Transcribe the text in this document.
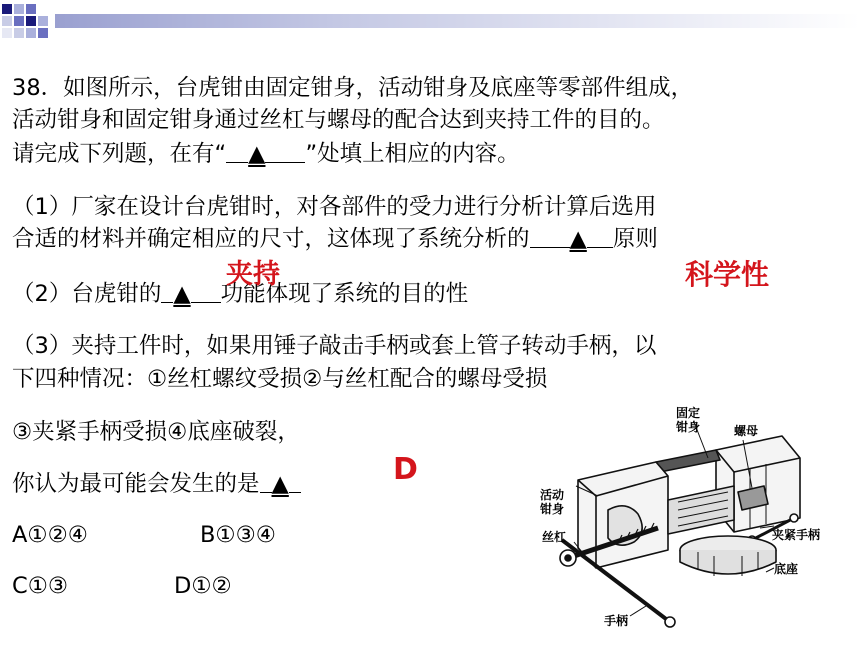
38．如图所示，台虎钳由固定钳身，活动钳身及底座等零部件组成，
活动钳身和固定钳身通过丝杠与螺母的配合达到夹持工件的目的。
请完成下列题，在有“ ▲ ”处填上相应的内容。
（1）厂家在设计台虎钳时，对各部件的受力进行分析计算后选用
合适的材料并确定相应的尺寸，这体现了系统分析的 ▲ 原则
（2）台虎钳的 ▲ 功能体现了系统的目的性
（3）夹持工件时，如果用锤子敲击手柄或套上管子转动手柄，以
下四种情况：①丝杠螺纹受损②与丝杠配合的螺母受损
③夹紧手柄受损④底座破裂，
你认为最可能会发生的是 ▲
A①②④	B①③④
C①③	D①②
夹持	科学性
D
固定
钳身	螺母
活动
钳身
丝杠	夹紧手柄
底座
手柄
